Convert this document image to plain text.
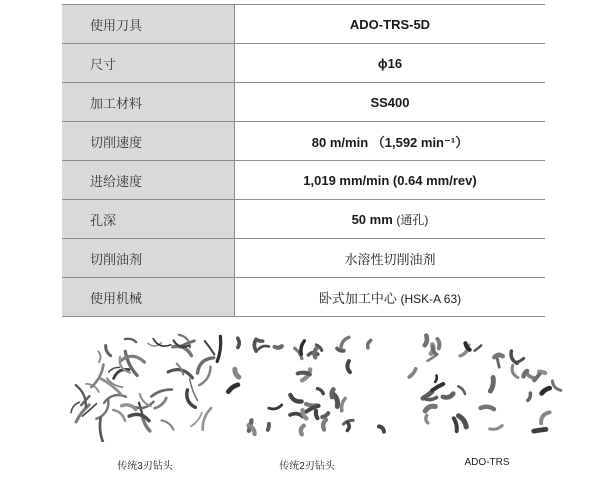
使用刀具	ADO-TRS-5D
尺寸	ϕ16
加工材料	SS400
切削速度	80 m/min （1,592 min⁻¹）
进给速度	1,019 mm/min (0.64 mm/rev)
孔深	50 mm (通孔)
切削油剂	水溶性切削油剂
使用机械	卧式加工中心 (HSK-A 63)
传统3刃钻头	传统2刃钻头	ADO-TRS
